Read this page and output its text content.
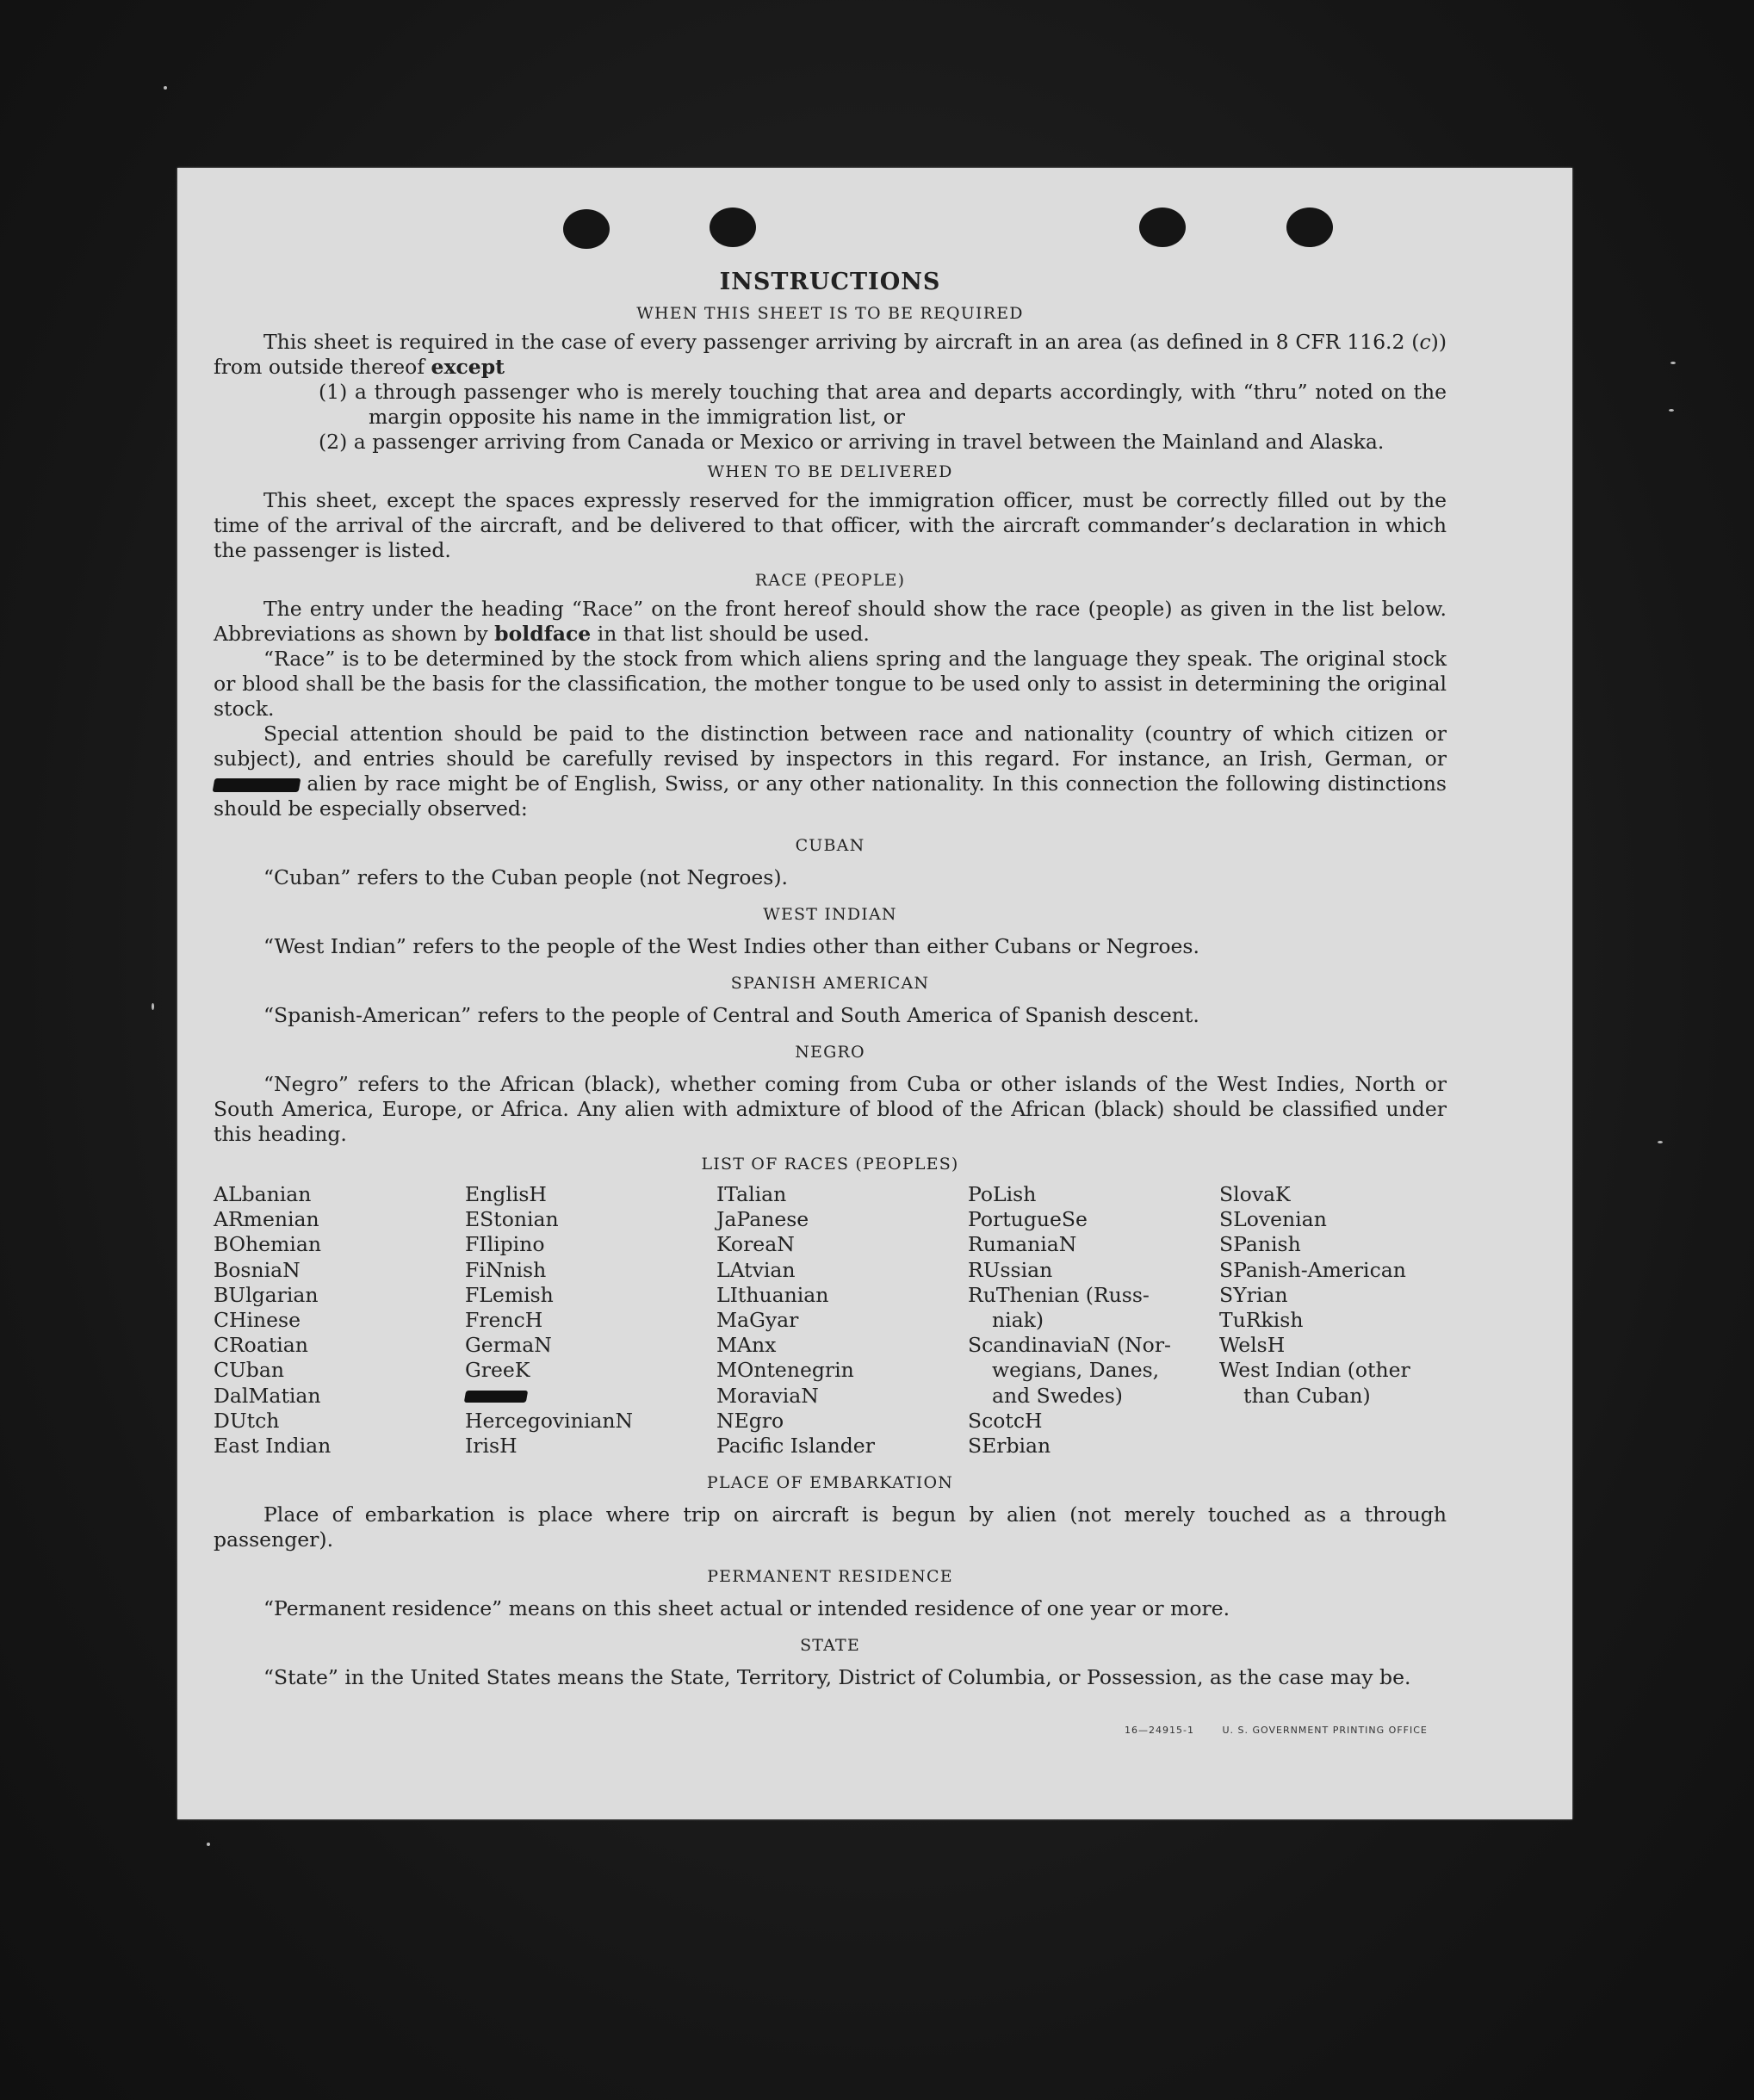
INSTRUCTIONS
WHEN THIS SHEET IS TO BE REQUIRED

This sheet is required in the case of every passenger arriving by aircraft in an area (as defined in 8 CFR 116.2 (c)) from outside thereof except

(1) a through passenger who is merely touching that area and departs accordingly, with “thru” noted on the margin opposite his name in the immigration list, or

(2) a passenger arriving from Canada or Mexico or arriving in travel between the Mainland and Alaska.

WHEN TO BE DELIVERED

This sheet, except the spaces expressly reserved for the immigration officer, must be correctly filled out by the time of the arrival of the aircraft, and be delivered to that officer, with the aircraft commander’s declaration in which the passenger is listed.

RACE (PEOPLE)

The entry under the heading “Race” on the front hereof should show the race (people) as given in the list below. Abbreviations as shown by boldface in that list should be used.

“Race” is to be determined by the stock from which aliens spring and the language they speak. The original stock or blood shall be the basis for the classification, the mother tongue to be used only to assist in determining the original stock.

Special attention should be paid to the distinction between race and nationality (country of which citizen or subject), and entries should be carefully revised by inspectors in this regard. For instance, an Irish, German, or  alien by race might be of English, Swiss, or any other nationality. In this connection the following distinctions should be especially observed:

CUBAN

“Cuban” refers to the Cuban people (not Negroes).

WEST INDIAN

“West Indian” refers to the people of the West Indies other than either Cubans or Negroes.

SPANISH AMERICAN

“Spanish-American” refers to the people of Central and South America of Spanish descent.

NEGRO

“Negro” refers to the African (black), whether coming from Cuba or other islands of the West Indies, North or South America, Europe, or Africa. Any alien with admixture of blood of the African (black) should be classified under this heading.

LIST OF RACES (PEOPLES)
ALbanian
ARmenian
BOhemian
BosniaN
BUlgarian
CHinese
CRoatian
CUban
DalMatian
DUtch
East Indian
EnglisH
EStonian
FIlipino
FiNnish
FLemish
FrencH
GermaN
GreeK
HercegovinianN
IrisH
ITalian
JaPanese
KoreaN
LAtvian
LIthuanian
MaGyar
MAnx
MOntenegrin
MoraviaN
NEgro
Pacific Islander
PoLish
PortugueSe
RumaniaN
RUssian
RuThenian (Russ-
niak)
ScandinaviaN (Nor-
wegians, Danes,
and Swedes)
ScotcH
SErbian
SlovaK
SLovenian
SPanish
SPanish-American
SYrian
TuRkish
WelsH
West Indian (other
than Cuban)
PLACE OF EMBARKATION

Place of embarkation is place where trip on aircraft is begun by alien (not merely touched as a through passenger).

PERMANENT RESIDENCE

“Permanent residence” means on this sheet actual or intended residence of one year or more.

STATE

“State” in the United States means the State, Territory, District of Columbia, or Possession, as the case may be.

16—24915-1	U. S. GOVERNMENT PRINTING OFFICE
